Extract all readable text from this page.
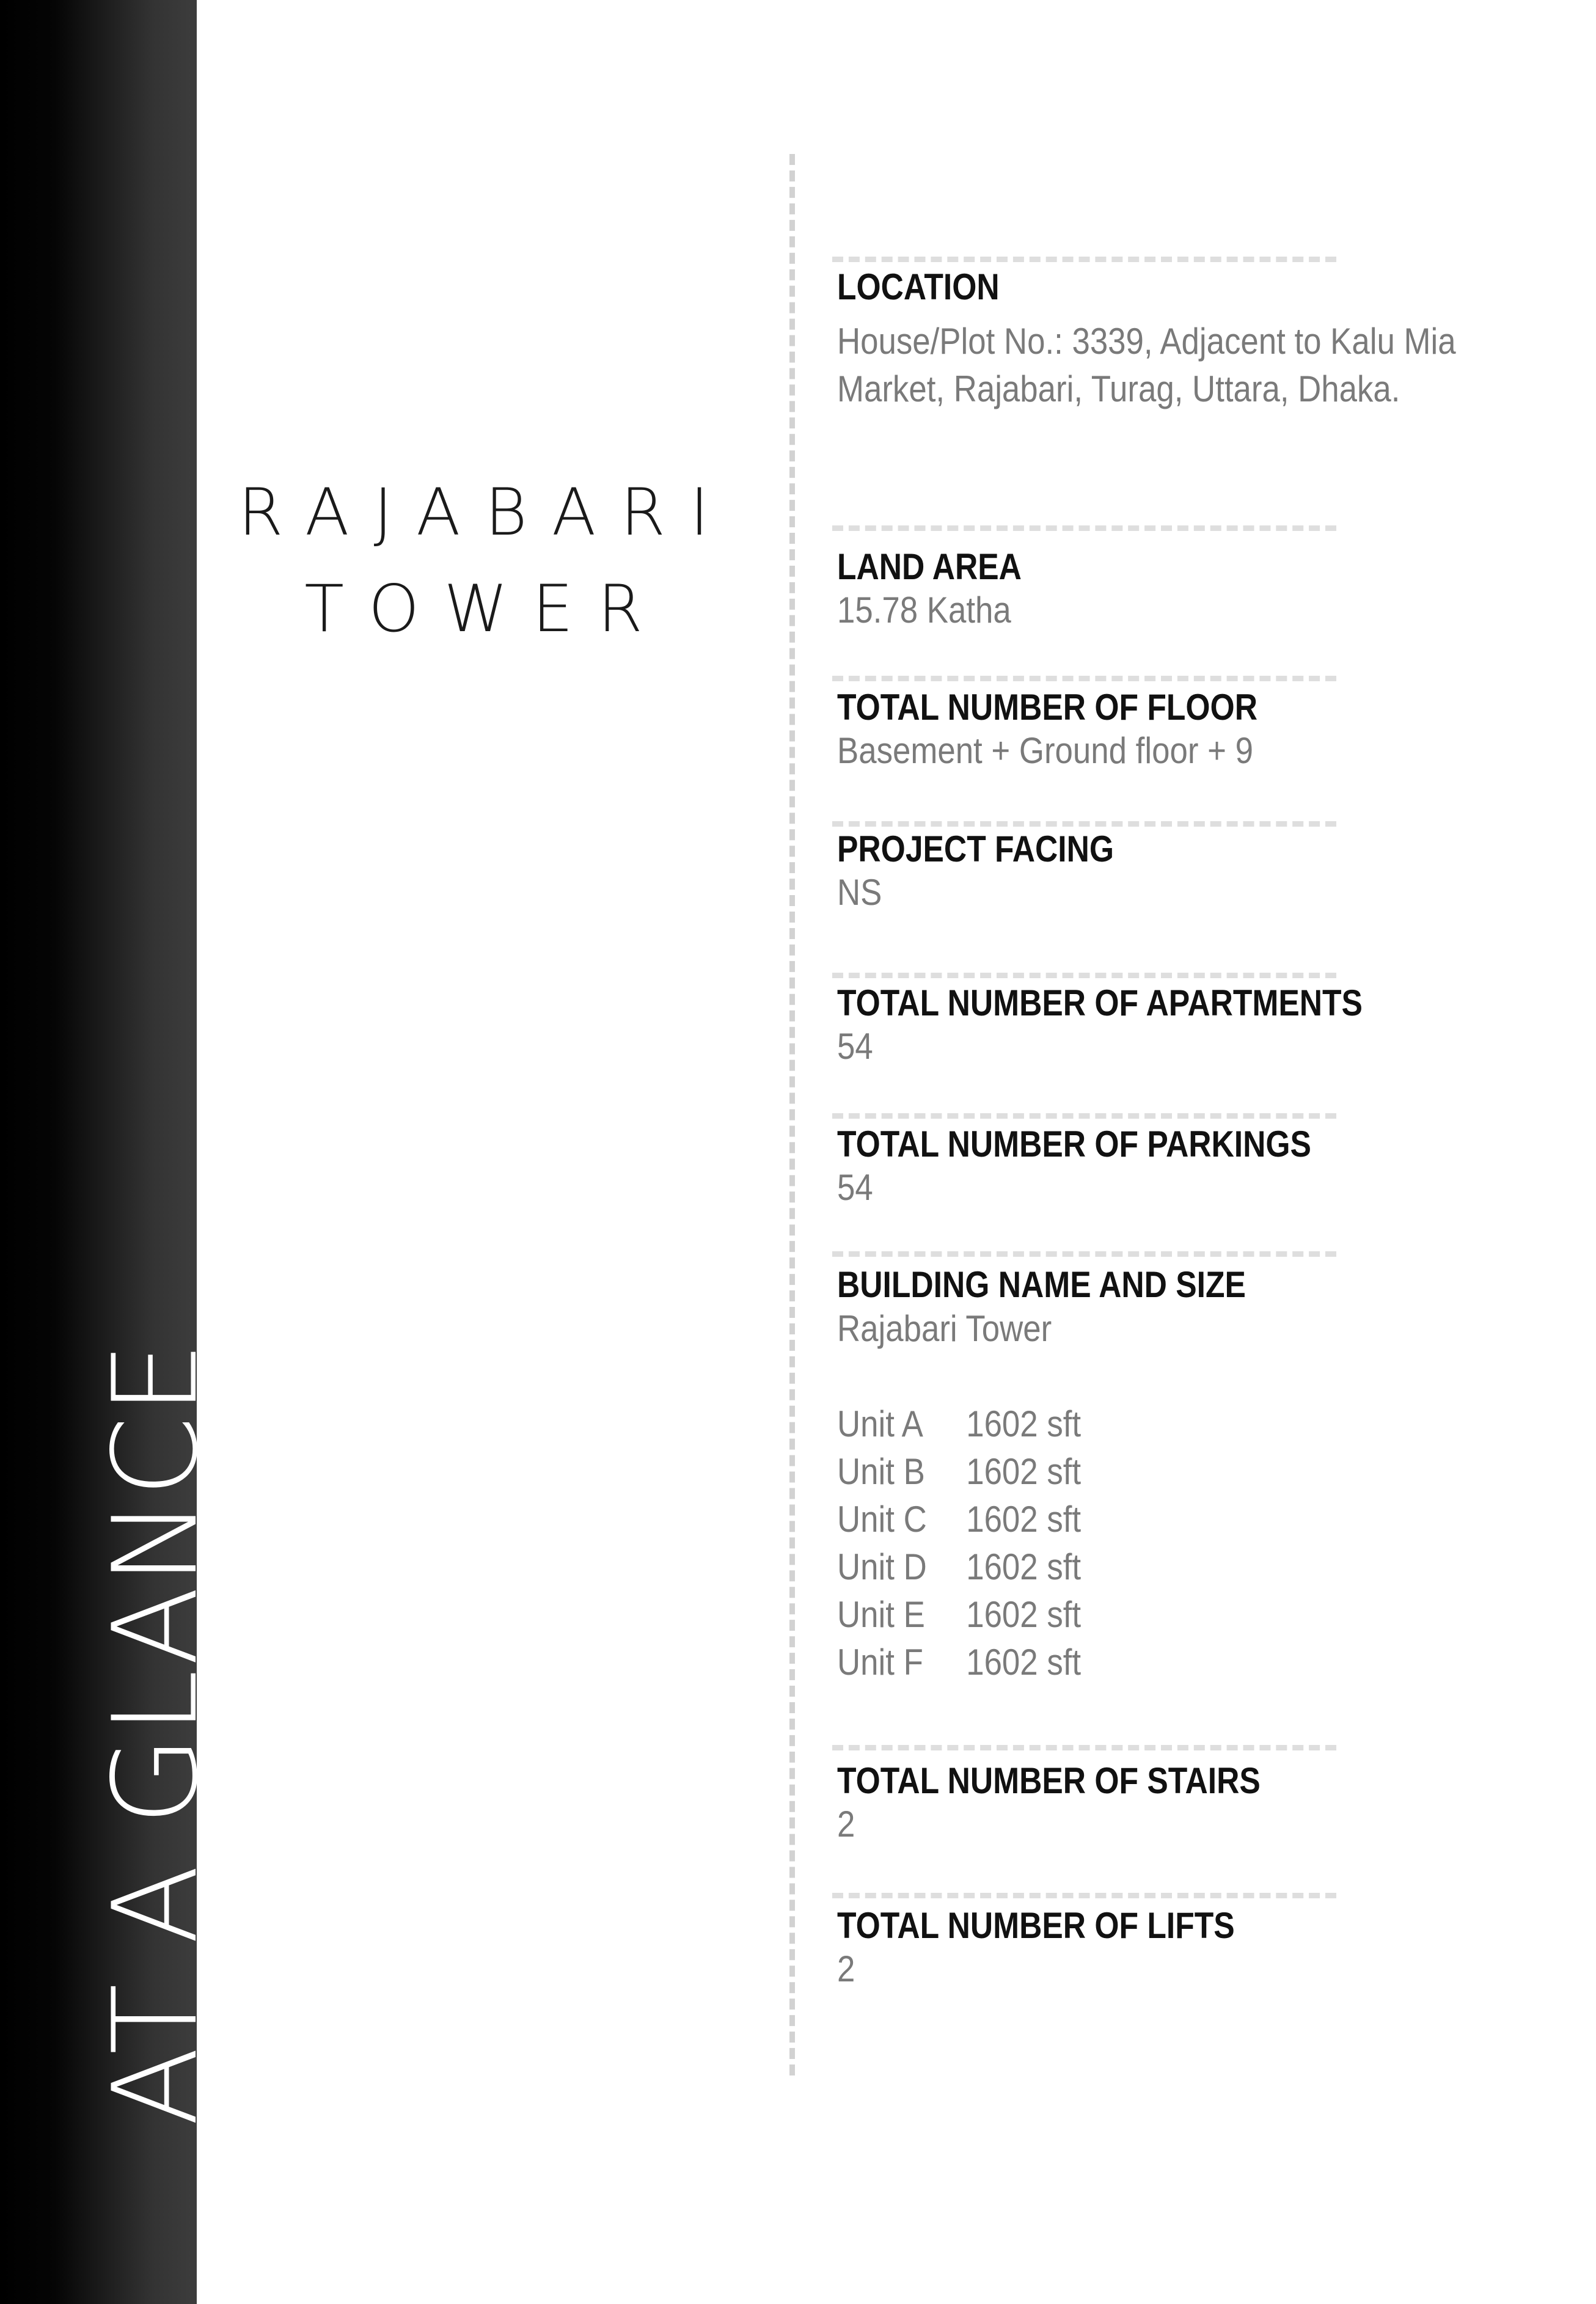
AT A GLANCE
RAJABARI
TOWER
LOCATION
House/Plot No.: 3339, Adjacent to Kalu Mia
Market, Rajabari, Turag, Uttara, Dhaka.
LAND AREA
15.78 Katha
TOTAL NUMBER OF FLOOR
Basement + Ground floor + 9
PROJECT FACING
NS
TOTAL NUMBER OF APARTMENTS
54
TOTAL NUMBER OF PARKINGS
54
BUILDING NAME AND SIZE
Rajabari Tower
Unit A 1602 sft
Unit B 1602 sft
Unit C 1602 sft
Unit D 1602 sft
Unit E 1602 sft
Unit F 1602 sft
TOTAL NUMBER OF STAIRS
2
TOTAL NUMBER OF LIFTS
2
